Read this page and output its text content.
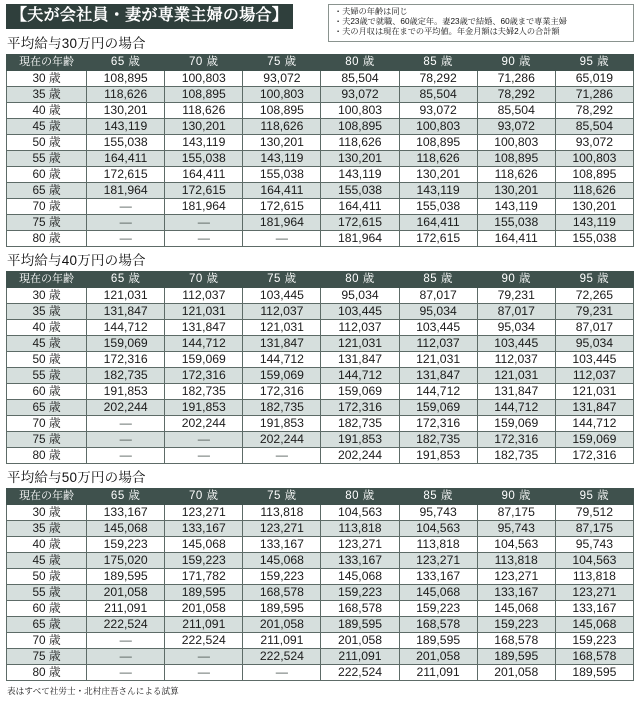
【夫が会社員・妻が専業主婦の場合】	・夫婦の年齢は同じ
・夫23歳で就職、60歳定年。妻23歳で結婚、60歳まで専業主婦
・夫の月収は現在までの平均値。年金月額は夫婦2人の合計額
平均給与30万円の場合
現在の年齢	65 歳	70 歳	75 歳	80 歳	85 歳	90 歳	95 歳
30 歳	108,895	100,803	93,072	85,504	78,292	71,286	65,019
35 歳	118,626	108,895	100,803	93,072	85,504	78,292	71,286
40 歳	130,201	118,626	108,895	100,803	93,072	85,504	78,292
45 歳	143,119	130,201	118,626	108,895	100,803	93,072	85,504
50 歳	155,038	143,119	130,201	118,626	108,895	100,803	93,072
55 歳	164,411	155,038	143,119	130,201	118,626	108,895	100,803
60 歳	172,615	164,411	155,038	143,119	130,201	118,626	108,895
65 歳	181,964	172,615	164,411	155,038	143,119	130,201	118,626
70 歳	—	181,964	172,615	164,411	155,038	143,119	130,201
75 歳	—	—	181,964	172,615	164,411	155,038	143,119
80 歳	—	—	—	181,964	172,615	164,411	155,038
平均給与40万円の場合
現在の年齢	65 歳	70 歳	75 歳	80 歳	85 歳	90 歳	95 歳
30 歳	121,031	112,037	103,445	95,034	87,017	79,231	72,265
35 歳	131,847	121,031	112,037	103,445	95,034	87,017	79,231
40 歳	144,712	131,847	121,031	112,037	103,445	95,034	87,017
45 歳	159,069	144,712	131,847	121,031	112,037	103,445	95,034
50 歳	172,316	159,069	144,712	131,847	121,031	112,037	103,445
55 歳	182,735	172,316	159,069	144,712	131,847	121,031	112,037
60 歳	191,853	182,735	172,316	159,069	144,712	131,847	121,031
65 歳	202,244	191,853	182,735	172,316	159,069	144,712	131,847
70 歳	—	202,244	191,853	182,735	172,316	159,069	144,712
75 歳	—	—	202,244	191,853	182,735	172,316	159,069
80 歳	—	—	—	202,244	191,853	182,735	172,316
平均給与50万円の場合
現在の年齢	65 歳	70 歳	75 歳	80 歳	85 歳	90 歳	95 歳
30 歳	133,167	123,271	113,818	104,563	95,743	87,175	79,512
35 歳	145,068	133,167	123,271	113,818	104,563	95,743	87,175
40 歳	159,223	145,068	133,167	123,271	113,818	104,563	95,743
45 歳	175,020	159,223	145,068	133,167	123,271	113,818	104,563
50 歳	189,595	171,782	159,223	145,068	133,167	123,271	113,818
55 歳	201,058	189,595	168,578	159,223	145,068	133,167	123,271
60 歳	211,091	201,058	189,595	168,578	159,223	145,068	133,167
65 歳	222,524	211,091	201,058	189,595	168,578	159,223	145,068
70 歳	—	222,524	211,091	201,058	189,595	168,578	159,223
75 歳	—	—	222,524	211,091	201,058	189,595	168,578
80 歳	—	—	—	222,524	211,091	201,058	189,595
表はすべて社労士・北村庄吾さんによる試算
